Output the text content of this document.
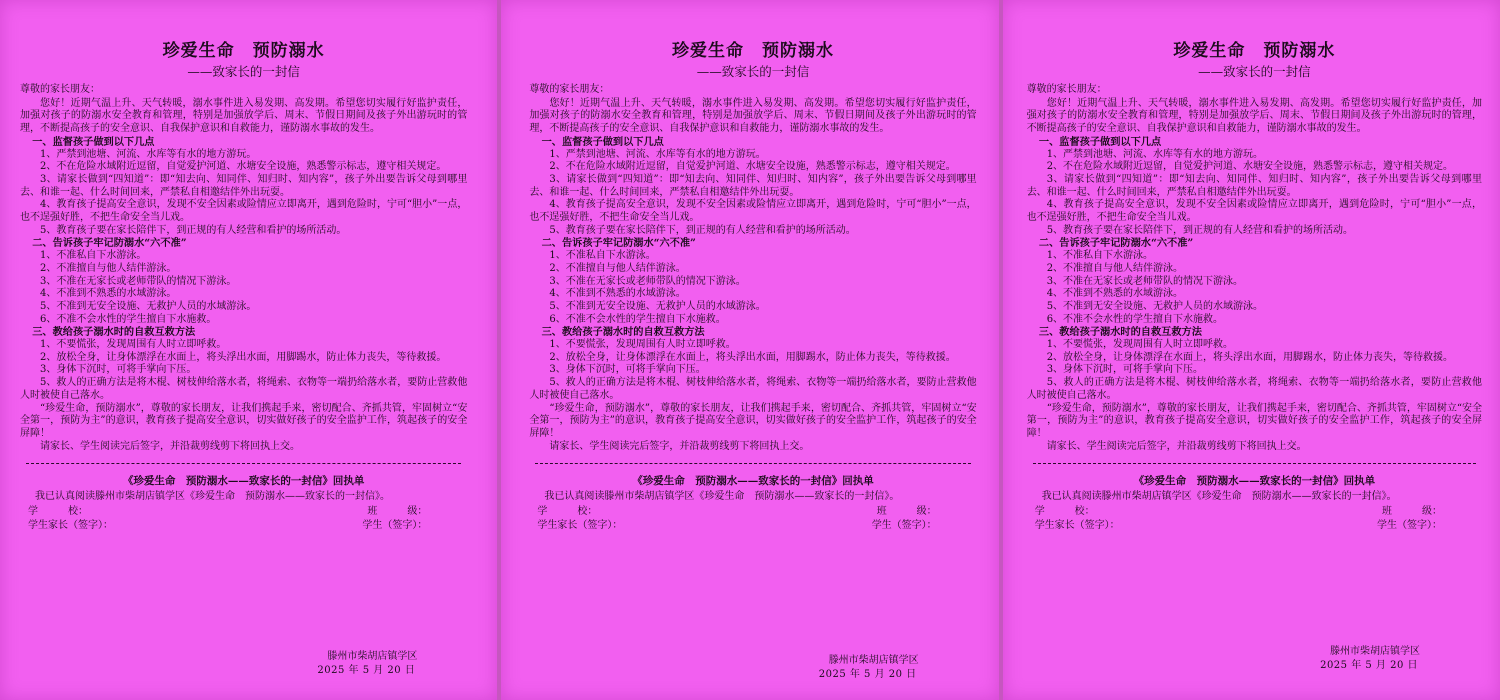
珍爱生命　预防溺水
——致家长的一封信

尊敬的家长朋友：

您好！近期气温上升、天气转暖，溺水事件进入易发期、高发期。希望您切实履行好监护责任，加强对孩子的防溺水安全教育和管理，特别是加强放学后、周末、节假日期间及孩子外出游玩时的管理，不断提高孩子的安全意识、自我保护意识和自救能力，谨防溺水事故的发生。

一、监督孩子做到以下几点

1、严禁到池塘、河流、水库等有水的地方游玩。

2、不在危险水域附近逗留，自觉爱护河道、水塘安全设施，熟悉警示标志，遵守相关规定。

3、请家长做到“四知道”：即“知去向、知同伴、知归时、知内容”，孩子外出要告诉父母到哪里去、和谁一起、什么时间回来，严禁私自相邀结伴外出玩耍。

4、教育孩子提高安全意识，发现不安全因素或险情应立即离开，遇到危险时，宁可“胆小”一点，也不逞强好胜，不把生命安全当儿戏。

5、教育孩子要在家长陪伴下，到正规的有人经营和看护的场所活动。

二、告诉孩子牢记防溺水“六不准”

1、不准私自下水游泳。

2、不准擅自与他人结伴游泳。

3、不准在无家长或老师带队的情况下游泳。

4、不准到不熟悉的水域游泳。

5、不准到无安全设施、无救护人员的水域游泳。

6、不准不会水性的学生擅自下水施救。

三、教给孩子溺水时的自救互救方法

1、不要慌张，发现周围有人时立即呼救。

2、放松全身，让身体漂浮在水面上，将头浮出水面，用脚踢水，防止体力丧失，等待救援。

3、身体下沉时，可将手掌向下压。

5、救人的正确方法是将木棍、树枝伸给落水者，将绳索、衣物等一端扔给落水者，要防止营救他人时被使自己落水。

“珍爱生命，预防溺水”，尊敬的家长朋友，让我们携起手来，密切配合、齐抓共管，牢固树立“安全第一，预防为主”的意识，教育孩子提高安全意识，切实做好孩子的安全监护工作，筑起孩子的安全屏障！

请家长、学生阅读完后签字，并沿裁剪线剪下将回执上交。

《珍爱生命　预防溺水——致家长的一封信》回执单
我已认真阅读滕州市柴胡店镇学区《珍爱生命　预防溺水——致家长的一封信》。
学　　　校：	班　　　级：
学生家长（签字）：	学生（签字）：
滕州市柴胡店镇学区
2025 年 5 月 20 日
珍爱生命　预防溺水
——致家长的一封信

尊敬的家长朋友：

您好！近期气温上升、天气转暖，溺水事件进入易发期、高发期。希望您切实履行好监护责任，加强对孩子的防溺水安全教育和管理，特别是加强放学后、周末、节假日期间及孩子外出游玩时的管理，不断提高孩子的安全意识、自我保护意识和自救能力，谨防溺水事故的发生。

一、监督孩子做到以下几点

1、严禁到池塘、河流、水库等有水的地方游玩。

2、不在危险水域附近逗留，自觉爱护河道、水塘安全设施，熟悉警示标志，遵守相关规定。

3、请家长做到“四知道”：即“知去向、知同伴、知归时、知内容”，孩子外出要告诉父母到哪里去、和谁一起、什么时间回来，严禁私自相邀结伴外出玩耍。

4、教育孩子提高安全意识，发现不安全因素或险情应立即离开，遇到危险时，宁可“胆小”一点，也不逞强好胜，不把生命安全当儿戏。

5、教育孩子要在家长陪伴下，到正规的有人经营和看护的场所活动。

二、告诉孩子牢记防溺水“六不准”

1、不准私自下水游泳。

2、不准擅自与他人结伴游泳。

3、不准在无家长或老师带队的情况下游泳。

4、不准到不熟悉的水域游泳。

5、不准到无安全设施、无救护人员的水域游泳。

6、不准不会水性的学生擅自下水施救。

三、教给孩子溺水时的自救互救方法

1、不要慌张，发现周围有人时立即呼救。

2、放松全身，让身体漂浮在水面上，将头浮出水面，用脚踢水，防止体力丧失，等待救援。

3、身体下沉时，可将手掌向下压。

5、救人的正确方法是将木棍、树枝伸给落水者，将绳索、衣物等一端扔给落水者，要防止营救他人时被使自己落水。

“珍爱生命，预防溺水”，尊敬的家长朋友，让我们携起手来，密切配合、齐抓共管，牢固树立“安全第一，预防为主”的意识，教育孩子提高安全意识，切实做好孩子的安全监护工作，筑起孩子的安全屏障！

请家长、学生阅读完后签字，并沿裁剪线剪下将回执上交。

《珍爱生命　预防溺水——致家长的一封信》回执单
我已认真阅读滕州市柴胡店镇学区《珍爱生命　预防溺水——致家长的一封信》。
学　　　校：	班　　　级：
学生家长（签字）：	学生（签字）：
滕州市柴胡店镇学区
2025 年 5 月 20 日
珍爱生命　预防溺水
——致家长的一封信

尊敬的家长朋友：

您好！近期气温上升、天气转暖，溺水事件进入易发期、高发期。希望您切实履行好监护责任，加强对孩子的防溺水安全教育和管理，特别是加强放学后、周末、节假日期间及孩子外出游玩时的管理，不断提高孩子的安全意识、自我保护意识和自救能力，谨防溺水事故的发生。

一、监督孩子做到以下几点

1、严禁到池塘、河流、水库等有水的地方游玩。

2、不在危险水域附近逗留，自觉爱护河道、水塘安全设施，熟悉警示标志，遵守相关规定。

3、请家长做到“四知道”：即“知去向、知同伴、知归时、知内容”，孩子外出要告诉父母到哪里去、和谁一起、什么时间回来，严禁私自相邀结伴外出玩耍。

4、教育孩子提高安全意识，发现不安全因素或险情应立即离开，遇到危险时，宁可“胆小”一点，也不逞强好胜，不把生命安全当儿戏。

5、教育孩子要在家长陪伴下，到正规的有人经营和看护的场所活动。

二、告诉孩子牢记防溺水“六不准”

1、不准私自下水游泳。

2、不准擅自与他人结伴游泳。

3、不准在无家长或老师带队的情况下游泳。

4、不准到不熟悉的水域游泳。

5、不准到无安全设施、无救护人员的水域游泳。

6、不准不会水性的学生擅自下水施救。

三、教给孩子溺水时的自救互救方法

1、不要慌张，发现周围有人时立即呼救。

2、放松全身，让身体漂浮在水面上，将头浮出水面，用脚踢水，防止体力丧失，等待救援。

3、身体下沉时，可将手掌向下压。

5、救人的正确方法是将木棍、树枝伸给落水者，将绳索、衣物等一端扔给落水者，要防止营救他人时被使自己落水。

“珍爱生命，预防溺水”，尊敬的家长朋友，让我们携起手来，密切配合、齐抓共管，牢固树立“安全第一，预防为主”的意识，教育孩子提高安全意识，切实做好孩子的安全监护工作，筑起孩子的安全屏障！

请家长、学生阅读完后签字，并沿裁剪线剪下将回执上交。

《珍爱生命　预防溺水——致家长的一封信》回执单
我已认真阅读滕州市柴胡店镇学区《珍爱生命　预防溺水——致家长的一封信》。
学　　　校：	班　　　级：
学生家长（签字）：	学生（签字）：
滕州市柴胡店镇学区
2025 年 5 月 20 日
